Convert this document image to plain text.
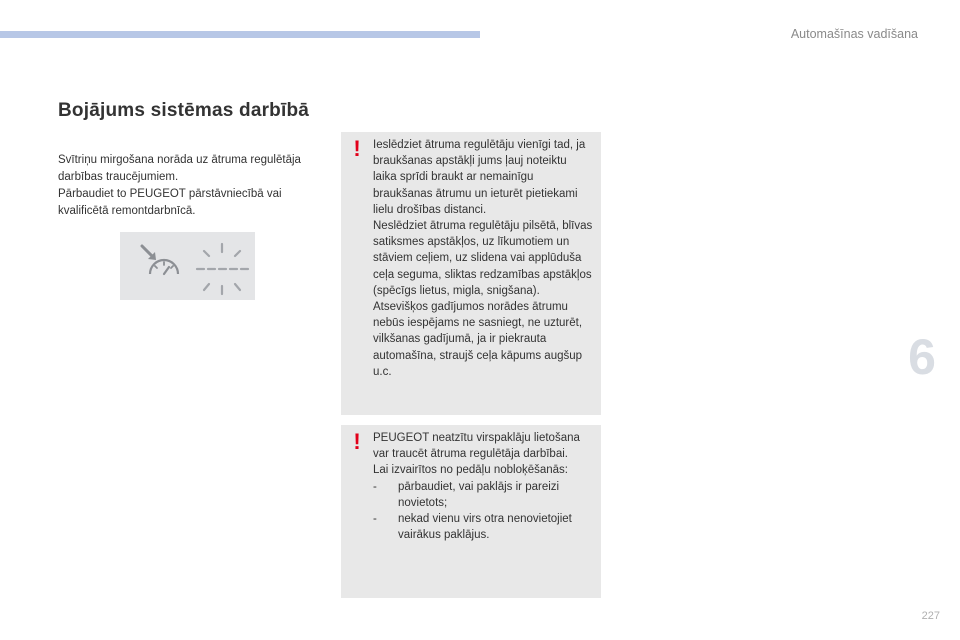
Automašīnas vadīšana
Bojājums sistēmas darbībā

Svītriņu mirgošana norāda uz ātruma regulētāja darbības traucējumiem.

Pārbaudiet to PEUGEOT pārstāvniecībā vai kvalificētā remontdarbnīcā.

! Ieslēdziet ātruma regulētāju vienīgi tad, ja braukšanas apstākļi jums ļauj noteiktu laika sprīdi braukt ar nemainīgu braukšanas ātrumu un ieturēt pietiekami lielu drošības distanci.

Neslēdziet ātruma regulētāju pilsētā, blīvas satiksmes apstākļos, uz līkumotiem un stāviem ceļiem, uz slidena vai applūduša ceļa seguma, sliktas redzamības apstākļos (spēcīgs lietus, migla, snigšana).

Atsevišķos gadījumos norādes ātrumu nebūs iespējams ne sasniegt, ne uzturēt, vilkšanas gadījumā, ja ir piekrauta automašīna, straujš ceļa kāpums augšup u.c.

! PEUGEOT neatzītu virspaklāju lietošana var traucēt ātruma regulētāja darbībai.

Lai izvairītos no pedāļu nobloķēšanās:

- pārbaudiet, vai paklājs ir pareizi novietots;
- nekad vienu virs otra nenovietojiet vairākus paklājus.
6
227
